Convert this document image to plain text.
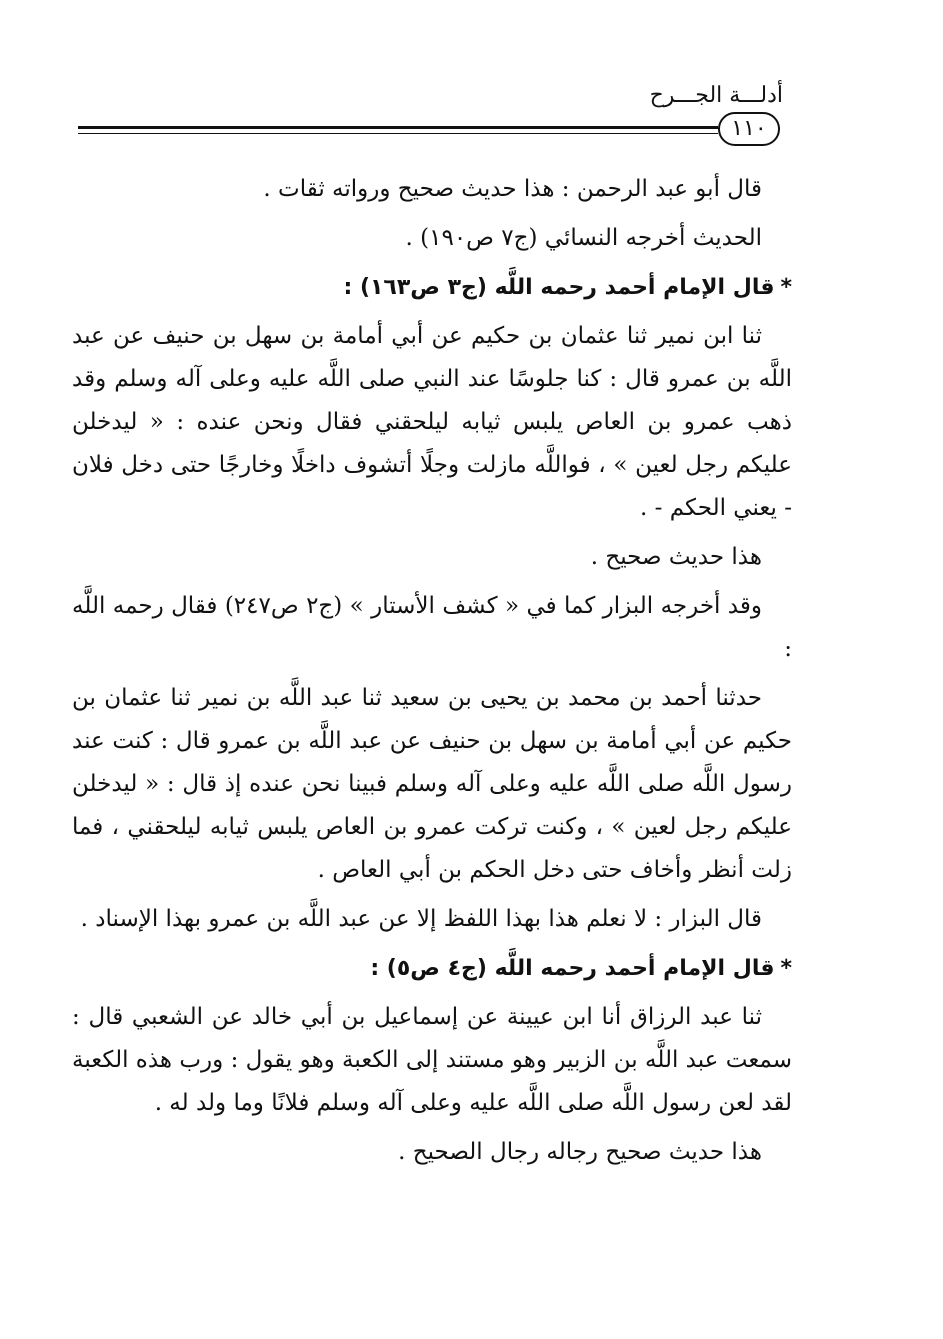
أدلـــة الجـــرح
١١٠

قال أبو عبد الرحمن : هذا حديث صحيح ورواته ثقات .

الحديث أخرجه النسائي (ج٧ ص١٩٠) .

*قال الإمام أحمد رحمه اللَّه (ج٣ ص١٦٣) :

ثنا ابن نمير ثنا عثمان بن حكيم عن أبي أمامة بن سهل بن حنيف عن عبد اللَّه بن عمرو قال : كنا جلوسًا عند النبي صلى اللَّه عليه وعلى آله وسلم وقد ذهب عمرو بن العاص يلبس ثيابه ليلحقني فقال ونحن عنده : « ليدخلن عليكم رجل لعين » ، فواللَّه مازلت وجلًا أتشوف داخلًا وخارجًا حتى دخل فلان - يعني الحكم - .

هذا حديث صحيح .

وقد أخرجه البزار كما في « كشف الأستار » (ج٢ ص٢٤٧) فقال رحمه اللَّه :

حدثنا أحمد بن محمد بن يحيى بن سعيد ثنا عبد اللَّه بن نمير ثنا عثمان بن حكيم عن أبي أمامة بن سهل بن حنيف عن عبد اللَّه بن عمرو قال : كنت عند رسول اللَّه صلى اللَّه عليه وعلى آله وسلم فبينا نحن عنده إذ قال : « ليدخلن عليكم رجل لعين » ، وكنت تركت عمرو بن العاص يلبس ثيابه ليلحقني ، فما زلت أنظر وأخاف حتى دخل الحكم بن أبي العاص .

قال البزار : لا نعلم هذا بهذا اللفظ إلا عن عبد اللَّه بن عمرو بهذا الإسناد .

*قال الإمام أحمد رحمه اللَّه (ج٤ ص٥) :

ثنا عبد الرزاق أنا ابن عيينة عن إسماعيل بن أبي خالد عن الشعبي قال : سمعت عبد اللَّه بن الزبير وهو مستند إلى الكعبة وهو يقول : ورب هذه الكعبة لقد لعن رسول اللَّه صلى اللَّه عليه وعلى آله وسلم فلانًا وما ولد له .

هذا حديث صحيح رجاله رجال الصحيح .
